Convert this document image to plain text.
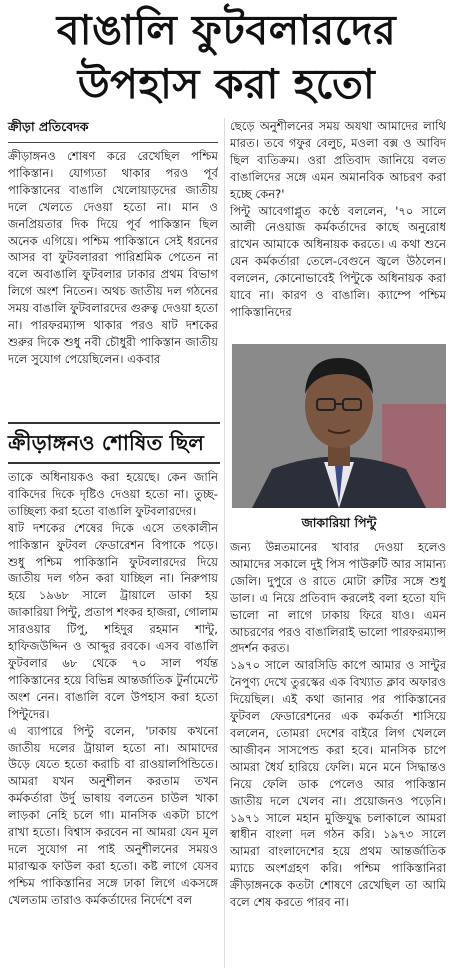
বাঙালি ফুটবলারদের
উপহাস করা হতো
ক্রীড়া প্রতিবেদক

ক্রীড়াঙ্গনও শোষণ করে রেখেছিল পশ্চিম পাকিস্তান। যোগ্যতা থাকার পরও পূর্ব পাকিস্তানের বাঙালি খেলোয়াড়দের জাতীয় দলে খেলতে দেওয়া হতো না। মান ও জনপ্রিয়তার দিক দিয়ে পূর্ব পাকিস্তান ছিল অনেক এগিয়ে। পশ্চিম পাকিস্তানে সেই ধরনের আসর বা ফুটবলাররা পারিশ্রমিক পেতেন না বলে অবাঙালি ফুটবলার ঢাকার প্রথম বিভাগ লিগে অংশ নিতেন। অথচ জাতীয় দল গঠনের সময় বাঙালি ফুটবলারদের গুরুত্ব দেওয়া হতো না। পারফরম্যান্স থাকার পরও ষাট দশকের শুরুর দিকে শুধু নবী চৌধুরী পাকিস্তান জাতীয় দলে সুযোগ পেয়েছিলেন। একবার

ক্রীড়াঙ্গনও শোষিত ছিল

তাকে অধিনায়কও করা হয়েছে। কেন জানি বাকিদের দিকে দৃষ্টিও দেওয়া হতো না। তুচ্ছ-তাচ্ছিল্য করা হতো বাঙালি ফুটবলারদের।

ষাট দশকের শেষের দিকে এসে তৎকালীন পাকিস্তান ফুটবল ফেডারেশন বিপাকে পড়ে। শুধু পশ্চিম পাকিস্তানি ফুটবলারদের দিয়ে জাতীয় দল গঠন করা যাচ্ছিল না। নিরুপায় হয়ে ১৯৬৮ সালে ট্রায়ালে ডাকা হয় জাকারিয়া পিন্টু, প্রতাপ শংকর হাজরা, গোলাম সারওয়ার টিপু, শহিদুর রহমান শান্টু, হাফিজউদ্দিন ও আব্দুর রবকে। এসব বাঙালি ফুটবলার ৬৮ থেকে ৭০ সাল পর্যন্ত পাকিস্তানের হয়ে বিভিন্ন আন্তর্জাতিক টুর্নামেন্টে অংশ নেন। বাঙালি বলে উপহাস করা হতো পিন্টুদের।

এ ব্যাপারে পিন্টু বলেন, 'ঢাকায় কখনো জাতীয় দলের ট্রায়াল হতো না। আমাদের উড়ে যেতে হতো করাচি বা রাওয়ালপিন্ডিতে। আমরা যখন অনুশীলন করতাম তখন কর্মকর্তারা উর্দু ভাষায় বলতেন চাউল খাকা লাড়কা নেহি চলে গা। মানসিক একটা চাপে রাখা হতো। বিশ্বাস করবেন না আমরা যেন মূল দলে সুযোগ না পাই অনুশীলনের সময়ও মারাত্মক ফাউল করা হতো। কষ্ট লাগে যেসব পশ্চিম পাকিস্তানির সঙ্গে ঢাকা লিগে একসঙ্গে খেলতাম তারাও কর্মকর্তাদের নির্দেশে বল

ছেড়ে অনুশীলনের সময় অযথা আমাদের লাথি মারত। তবে গফুর বেলুচ, মওলা বক্স ও আবিদ ছিল ব্যতিক্রম। ওরা প্রতিবাদ জানিয়ে বলত বাঙালিদের সঙ্গে এমন অমানবিক আচরণ করা হচ্ছে কেন?'

পিন্টু আবেগাপ্লুত কণ্ঠে বললেন, '৭০ সালে আলী নেওয়াজ কর্মকর্তাদের কাছে অনুরোধ রাখেন আমাকে অধিনায়ক করতে। এ কথা শুনে যেন কর্মকর্তারা তেলে-বেগুনে জ্বলে উঠলেন। বললেন, কোনোভাবেই পিন্টুকে অধিনায়ক করা যাবে না। কারণ ও বাঙালি। ক্যাম্পে পশ্চিম পাকিস্তানিদের

জাকারিয়া পিন্টু

জন্য উন্নতমানের খাবার দেওয়া হলেও আমাদের সকালে দুই পিস পাউরুটি আর সামান্য জেলি। দুপুরে ও রাতে মোটা রুটির সঙ্গে শুধু ডাল। এ নিয়ে প্রতিবাদ করলেই বলা হতো যদি ভালো না লাগে ঢাকায় ফিরে যাও। এমন আচরণের পরও বাঙালিরাই ভালো পারফরম্যান্স প্রদর্শন করত।

১৯৭০ সালে আরসিডি কাপে আমার ও সান্টুর নৈপুণ্য দেখে তুরস্কের এক বিখ্যাত ক্লাব অফারও দিয়েছিল। এই কথা জানার পর পাকিস্তানের ফুটবল ফেডারেশনের এক কর্মকর্তা শাসিয়ে বললেন, তোমরা দেশের বাইরে লিগ খেললে আজীবন সাসপেন্ড করা হবে। মানসিক চাপে আমরা ধৈর্য হারিয়ে ফেলি। মনে মনে সিদ্ধান্তও নিয়ে ফেলি ডাক পেলেও আর পাকিস্তান জাতীয় দলে খেলব না। প্রয়োজনও পড়েনি। ১৯৭১ সালে মহান মুক্তিযুদ্ধ চলাকালে আমরা স্বাধীন বাংলা দল গঠন করি। ১৯৭৩ সালে আমরা বাংলাদেশের হয়ে প্রথম আন্তর্জাতিক ম্যাচে অংশগ্রহণ করি। পশ্চিম পাকিস্তানিরা ক্রীড়াঙ্গনকে কতটা শোষণে রেখেছিল তা আমি বলে শেষ করতে পারব না।
